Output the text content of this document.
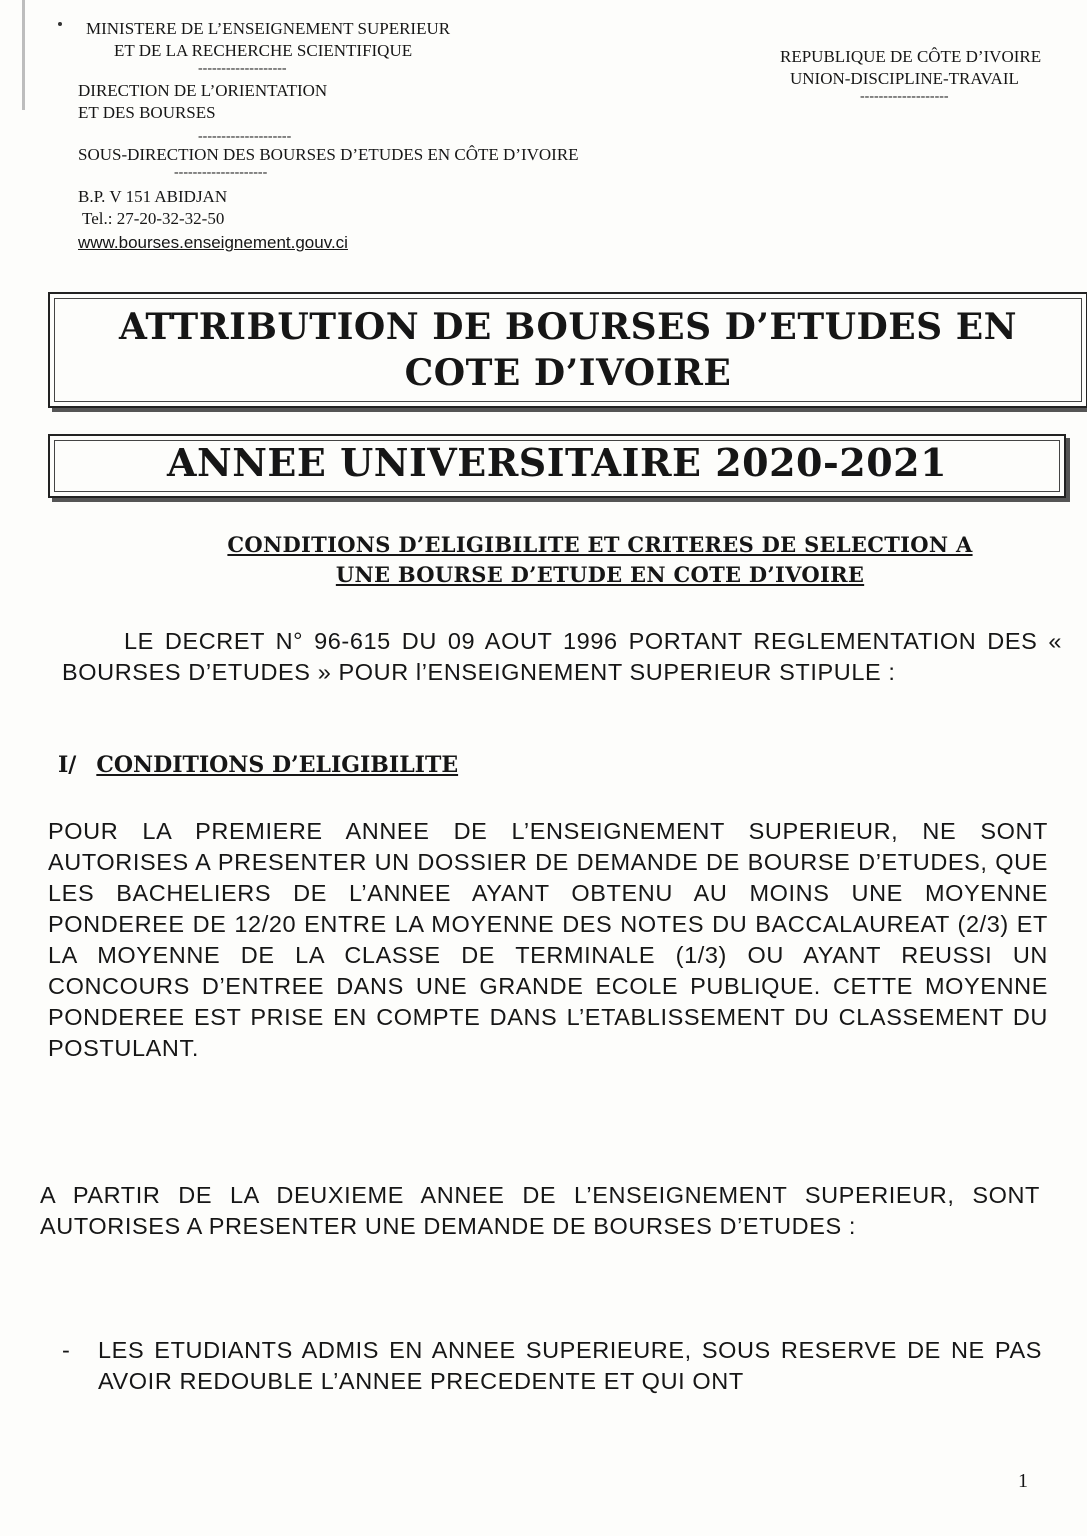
MINISTERE DE L’ENSEIGNEMENT SUPERIEUR
ET DE LA RECHERCHE SCIENTIFIQUE
-------------------
DIRECTION DE L’ORIENTATION
ET DES BOURSES
--------------------
SOUS-DIRECTION DES BOURSES D’ETUDES EN CÔTE D’IVOIRE
--------------------
B.P. V 151 ABIDJAN
Tel.: 27-20-32-32-50
www.bourses.enseignement.gouv.ci
REPUBLIQUE DE CÔTE D’IVOIRE
UNION-DISCIPLINE-TRAVAIL
-------------------
ATTRIBUTION DE BOURSES D’ETUDES EN
COTE D’IVOIRE
ANNEE UNIVERSITAIRE 2020-2021
CONDITIONS D’ELIGIBILITE ET CRITERES DE SELECTION A
UNE BOURSE D’ETUDE EN COTE D’IVOIRE
LE DECRET N° 96-615 DU 09 AOUT 1996 PORTANT REGLEMENTATION DES « BOURSES D’ETUDES » POUR l’ENSEIGNEMENT SUPERIEUR STIPULE :
I/ CONDITIONS D’ELIGIBILITE
POUR LA PREMIERE ANNEE DE L’ENSEIGNEMENT SUPERIEUR, NE SONT AUTORISES A PRESENTER UN DOSSIER DE DEMANDE DE BOURSE D’ETUDES, QUE LES BACHELIERS DE L’ANNEE AYANT OBTENU AU MOINS UNE MOYENNE PONDEREE DE 12/20 ENTRE LA MOYENNE DES NOTES DU BACCALAUREAT (2/3) ET LA MOYENNE DE LA CLASSE DE TERMINALE (1/3) OU AYANT REUSSI UN CONCOURS D’ENTREE DANS UNE GRANDE ECOLE PUBLIQUE. CETTE MOYENNE PONDEREE EST PRISE EN COMPTE DANS L’ETABLISSEMENT DU CLASSEMENT DU POSTULANT.
A PARTIR DE LA DEUXIEME ANNEE DE L’ENSEIGNEMENT SUPERIEUR, SONT AUTORISES A PRESENTER UNE DEMANDE DE BOURSES D’ETUDES :
- LES ETUDIANTS ADMIS EN ANNEE SUPERIEURE, SOUS RESERVE DE NE PAS AVOIR REDOUBLE L’ANNEE PRECEDENTE ET QUI ONT
1
